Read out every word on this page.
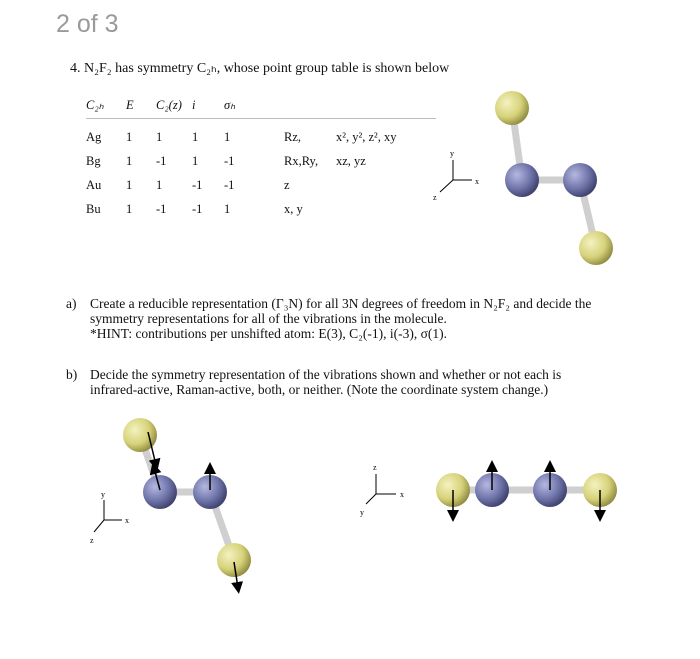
2 of 3
4. N₂F₂ has symmetry C₂ₕ, whose point group table is shown below
C₂ₕ	E	C₂(z)	i	σₕ		
Ag	1	1	1	1	Rz,	x², y², z², xy
Bg	1	-1	1	-1	Rx,Ry,	xz, yz
Au	1	1	-1	-1	z	
Bu	1	-1	-1	1	x, y	
a) Create a reducible representation (Γ₃N) for all 3N degrees of freedom in N₂F₂ and decide the
symmetry representations for all of the vibrations in the molecule.
*HINT: contributions per unshifted atom: E(3), C₂(-1), i(-3), σ(1).
b) Decide the symmetry representation of the vibrations shown and whether or not each is
infrared-active, Raman-active, both, or neither. (Note the coordinate system change.)
y
x
z
y
x
z
z
x
y
